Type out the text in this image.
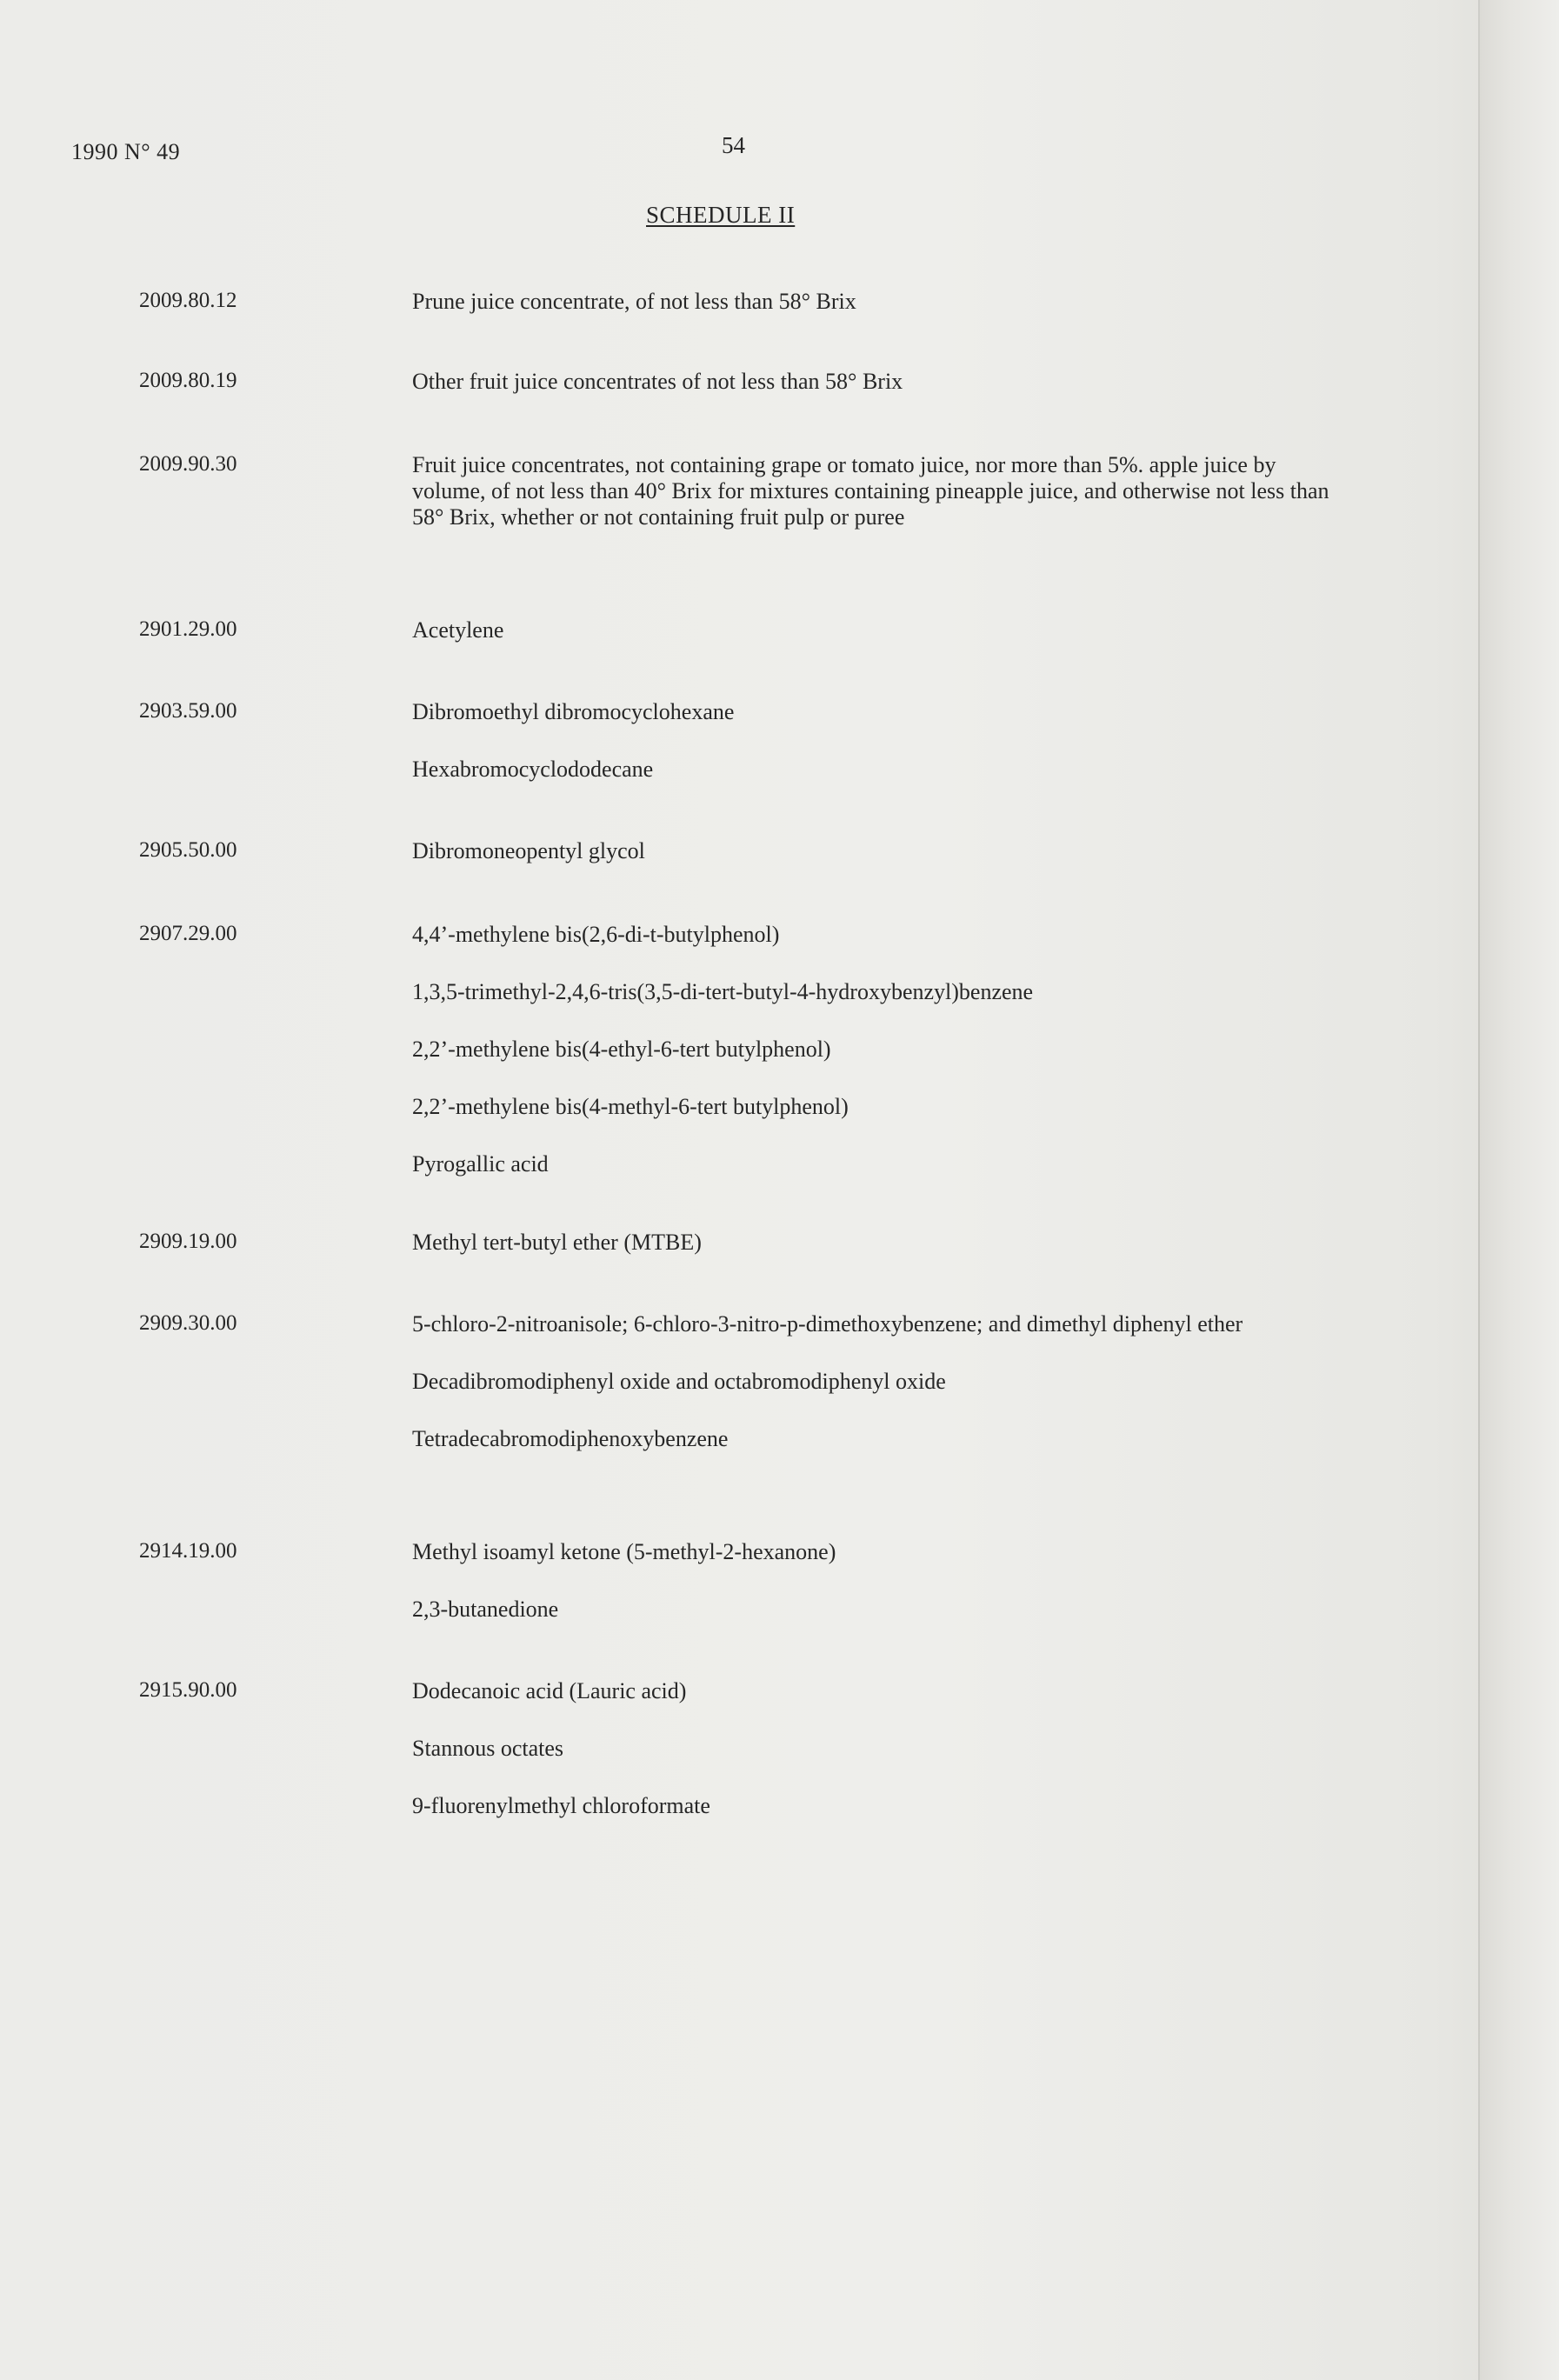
1990 N° 49	54
SCHEDULE II
2009.80.12	Prune juice concentrate, of not less than 58° Brix
2009.80.19	Other fruit juice concentrates of not less than 58° Brix
2009.90.30	Fruit juice concentrates, not containing grape or tomato juice, nor more than 5%. apple juice by volume, of not less than 40° Brix for mixtures containing pineapple juice, and otherwise not less than 58° Brix, whether or not containing fruit pulp or puree
2901.29.00	Acetylene
2903.59.00	Dibromoethyl dibromocyclohexane
Hexabromocyclododecane
2905.50.00	Dibromoneopentyl glycol
2907.29.00	4,4’-methylene bis(2,6-di-t-butylphenol)
1,3,5-trimethyl-2,4,6-tris(3,5-di-tert-butyl-4-hydroxybenzyl)benzene
2,2’-methylene bis(4-ethyl-6-tert butylphenol)
2,2’-methylene bis(4-methyl-6-tert butylphenol)
Pyrogallic acid
2909.19.00	Methyl tert-butyl ether (MTBE)
2909.30.00	5-chloro-2-nitroanisole; 6-chloro-3-nitro-p-dimethoxybenzene; and dimethyl diphenyl ether
Decadibromodiphenyl oxide and octabromodiphenyl oxide
Tetradecabromodiphenoxybenzene
2914.19.00	Methyl isoamyl ketone (5-methyl-2-hexanone)
2,3-butanedione
2915.90.00	Dodecanoic acid (Lauric acid)
Stannous octates
9-fluorenylmethyl chloroformate
